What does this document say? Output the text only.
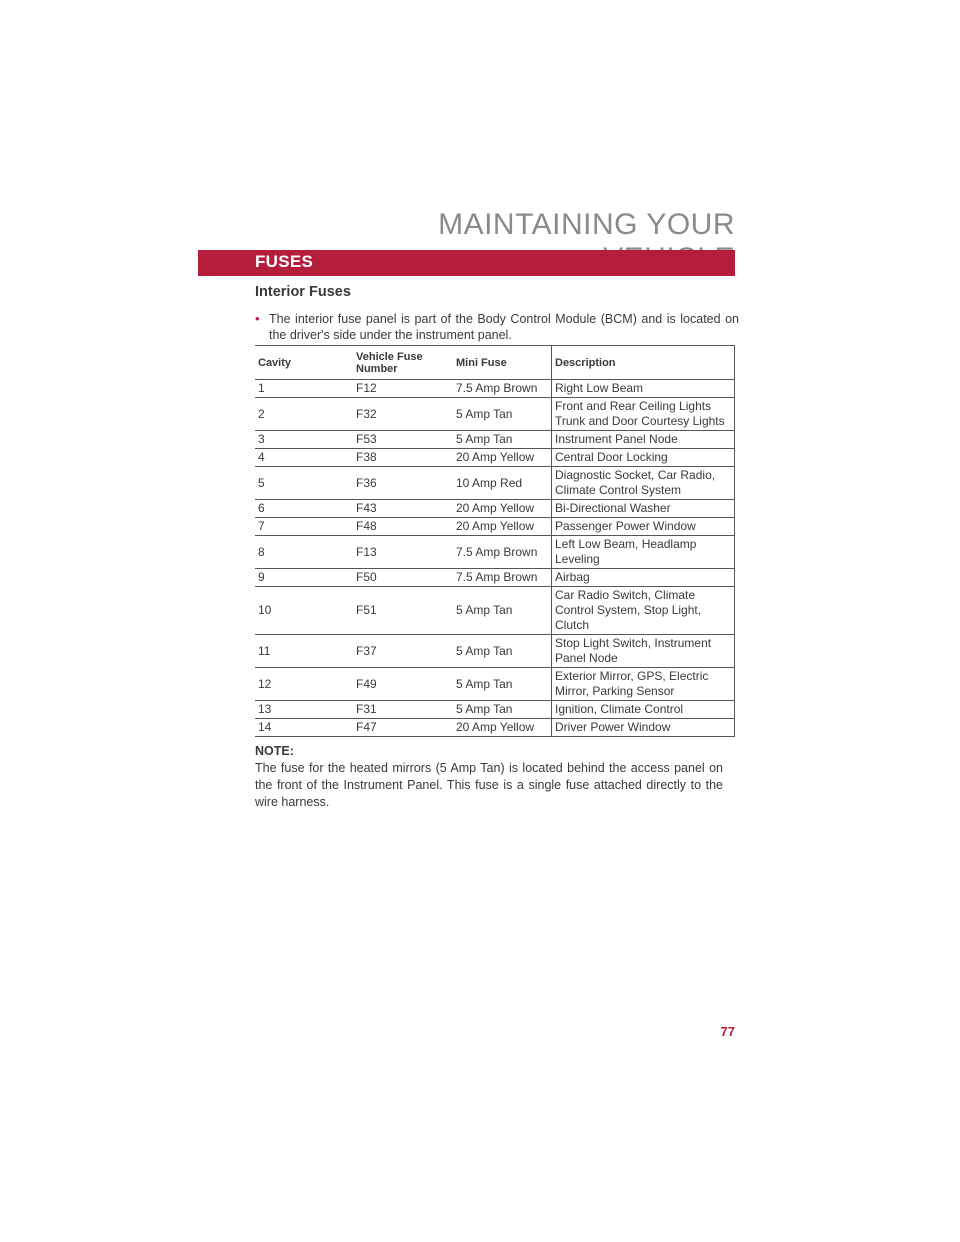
MAINTAINING YOUR
FUSES
Interior Fuses
• The interior fuse panel is part of the Body Control Module (BCM) and is located on the driver's side under the instrument panel.
Cavity	Vehicle Fuse Number	Mini Fuse	Description
1	F12	7.5 Amp Brown	Right Low Beam
2	F32	5 Amp Tan	Front and Rear Ceiling Lights Trunk and Door Courtesy Lights
3	F53	5 Amp Tan	Instrument Panel Node
4	F38	20 Amp Yellow	Central Door Locking
5	F36	10 Amp Red	Diagnostic Socket, Car Radio, Climate Control System
6	F43	20 Amp Yellow	Bi-Directional Washer
7	F48	20 Amp Yellow	Passenger Power Window
8	F13	7.5 Amp Brown	Left Low Beam, Headlamp Leveling
9	F50	7.5 Amp Brown	Airbag
10	F51	5 Amp Tan	Car Radio Switch, Climate Control System, Stop Light, Clutch
11	F37	5 Amp Tan	Stop Light Switch, Instrument Panel Node
12	F49	5 Amp Tan	Exterior Mirror, GPS, Electric Mirror, Parking Sensor
13	F31	5 Amp Tan	Ignition, Climate Control
14	F47	20 Amp Yellow	Driver Power Window
NOTE:
The fuse for the heated mirrors (5 Amp Tan) is located behind the access panel on the front of the Instrument Panel. This fuse is a single fuse attached directly to the wire harness.
77
